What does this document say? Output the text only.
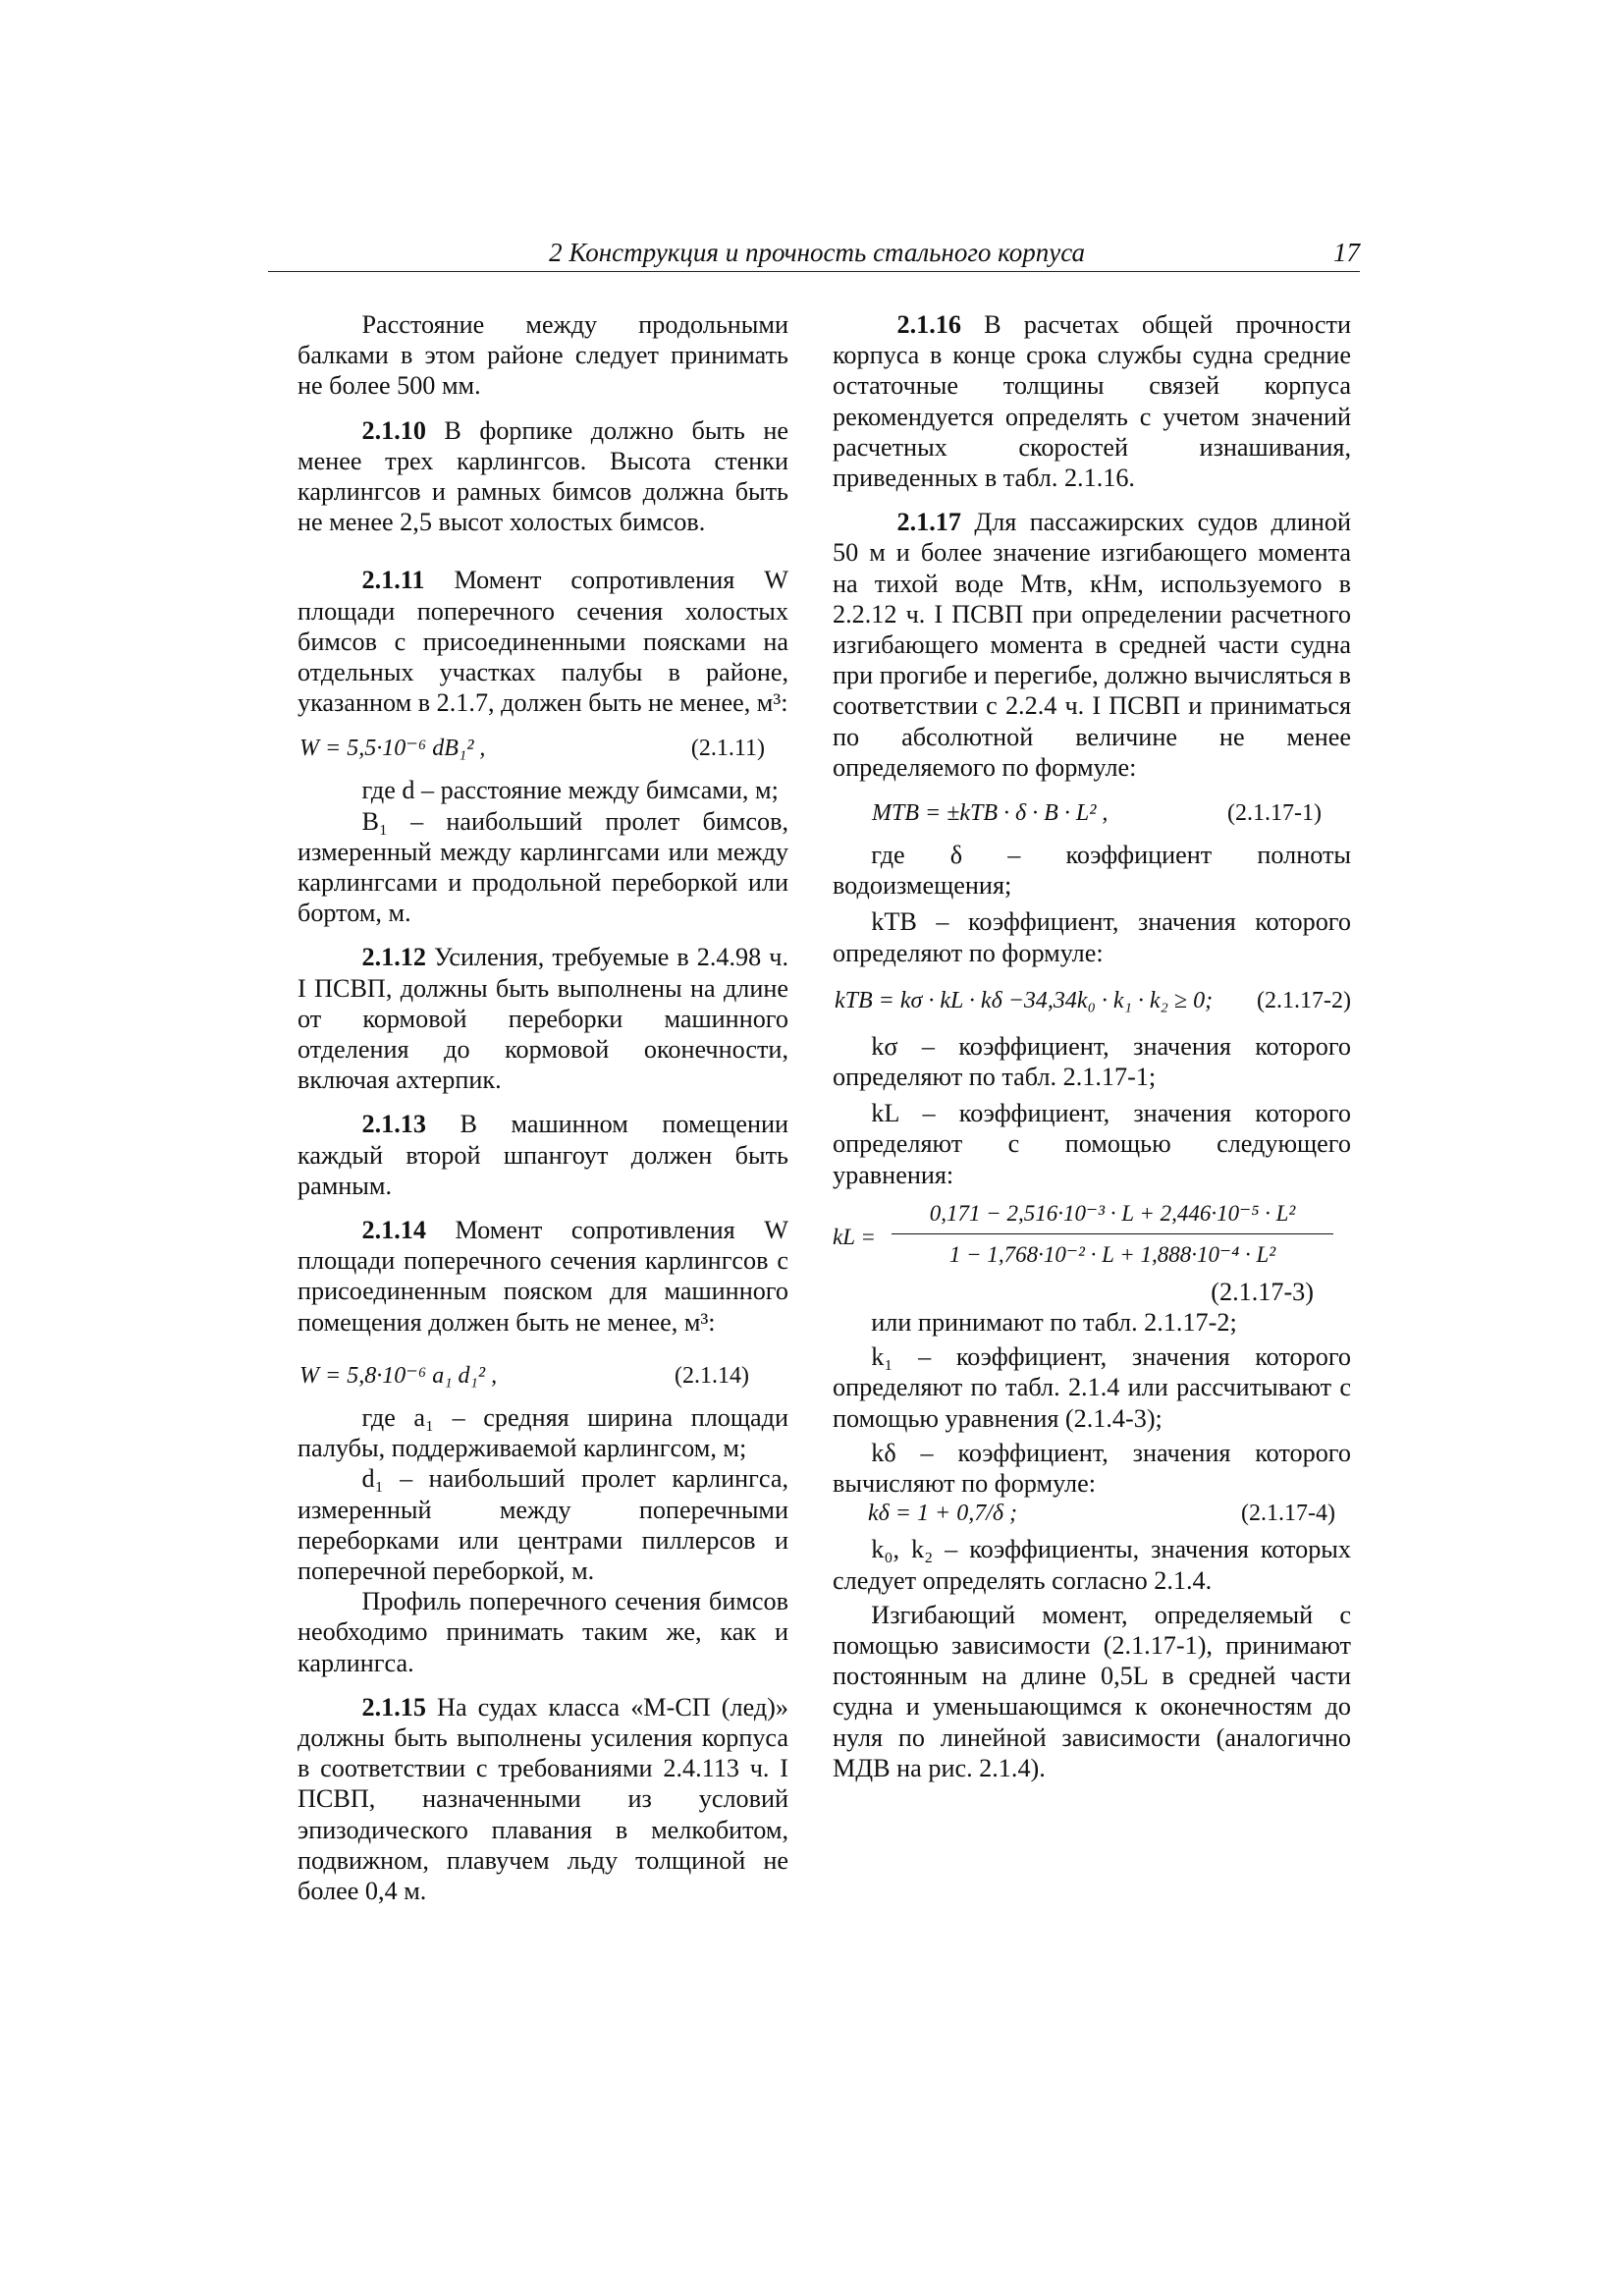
2 Конструкция и прочность стального корпуса	17

Расстояние между продольными балками в этом районе следует принимать не более 500 мм.

2.1.10 В форпике должно быть не менее трех карлингсов. Высота стенки карлингсов и рамных бимсов должна быть не менее 2,5 высот холостых бимсов.

2.1.11 Момент сопротивления W площади поперечного сечения холостых бимсов с присоединенными поясками на отдельных участках палубы в районе, указанном в 2.1.7, должен быть не менее, м³:

W = 5,5·10⁻⁶ dB₁² ,	(2.1.11)

где d – расстояние между бимсами, м;

B₁ – наибольший пролет бимсов, измеренный между карлингсами или между карлингсами и продольной переборкой или бортом, м.

2.1.12 Усиления, требуемые в 2.4.98 ч. I ПСВП, должны быть выполнены на длине от кормовой переборки машинного отделения до кормовой оконечности, включая ахтерпик.

2.1.13 В машинном помещении каждый второй шпангоут должен быть рамным.

2.1.14 Момент сопротивления W площади поперечного сечения карлингсов с присоединенным пояском для машинного помещения должен быть не менее, м³:

W = 5,8·10⁻⁶ a₁ d₁² ,	(2.1.14)

где a₁ – средняя ширина площади палубы, поддерживаемой карлингсом, м;

d₁ – наибольший пролет карлингса, измеренный между поперечными переборками или центрами пиллерсов и поперечной переборкой, м.

Профиль поперечного сечения бимсов необходимо принимать таким же, как и карлингса.

2.1.15 На судах класса «М-СП (лед)» должны быть выполнены усиления корпуса в соответствии с требованиями 2.4.113 ч. I ПСВП, назначенными из условий эпизодического плавания в мелкобитом, подвижном, плавучем льду толщиной не более 0,4 м.

2.1.16 В расчетах общей прочности корпуса в конце срока службы судна средние остаточные толщины связей корпуса рекомендуется определять с учетом значений расчетных скоростей изнашивания, приведенных в табл. 2.1.16.

2.1.17 Для пассажирских судов длиной 50 м и более значение изгибающего момента на тихой воде Mтв, кНм, используемого в 2.2.12 ч. I ПСВП при определении расчетного изгибающего момента в средней части судна при прогибе и перегибе, должно вычисляться в соответствии с 2.2.4 ч. I ПСВП и приниматься по абсолютной величине не менее определяемого по формуле:

MTB = ±kTB · δ · B · L² ,	(2.1.17-1)

где δ – коэффициент полноты водоизмещения;

kTB – коэффициент, значения которого определяют по формуле:

kTB = kσ · kL · kδ −34,34k₀ · k₁ · k₂ ≥ 0; (2.1.17-2)

kσ – коэффициент, значения которого определяют по табл. 2.1.17-1;

kL – коэффициент, значения которого определяют с помощью следующего уравнения:

kL =
0,171 − 2,516·10⁻³ · L + 2,446·10⁻⁵ · L²
1 − 1,768·10⁻² · L + 1,888·10⁻⁴ · L²

(2.1.17-3)

или принимают по табл. 2.1.17-2;

k₁ – коэффициент, значения которого определяют по табл. 2.1.4 или рассчитывают с помощью уравнения (2.1.4-3);

kδ – коэффициент, значения которого вычисляют по формуле:

kδ = 1 + 0,7/δ ;	(2.1.17-4)

k₀, k₂ – коэффициенты, значения которых следует определять согласно 2.1.4.

Изгибающий момент, определяемый с помощью зависимости (2.1.17-1), принимают постоянным на длине 0,5L в средней части судна и уменьшающимся к оконечностям до нуля по линейной зависимости (аналогично MДВ на рис. 2.1.4).
